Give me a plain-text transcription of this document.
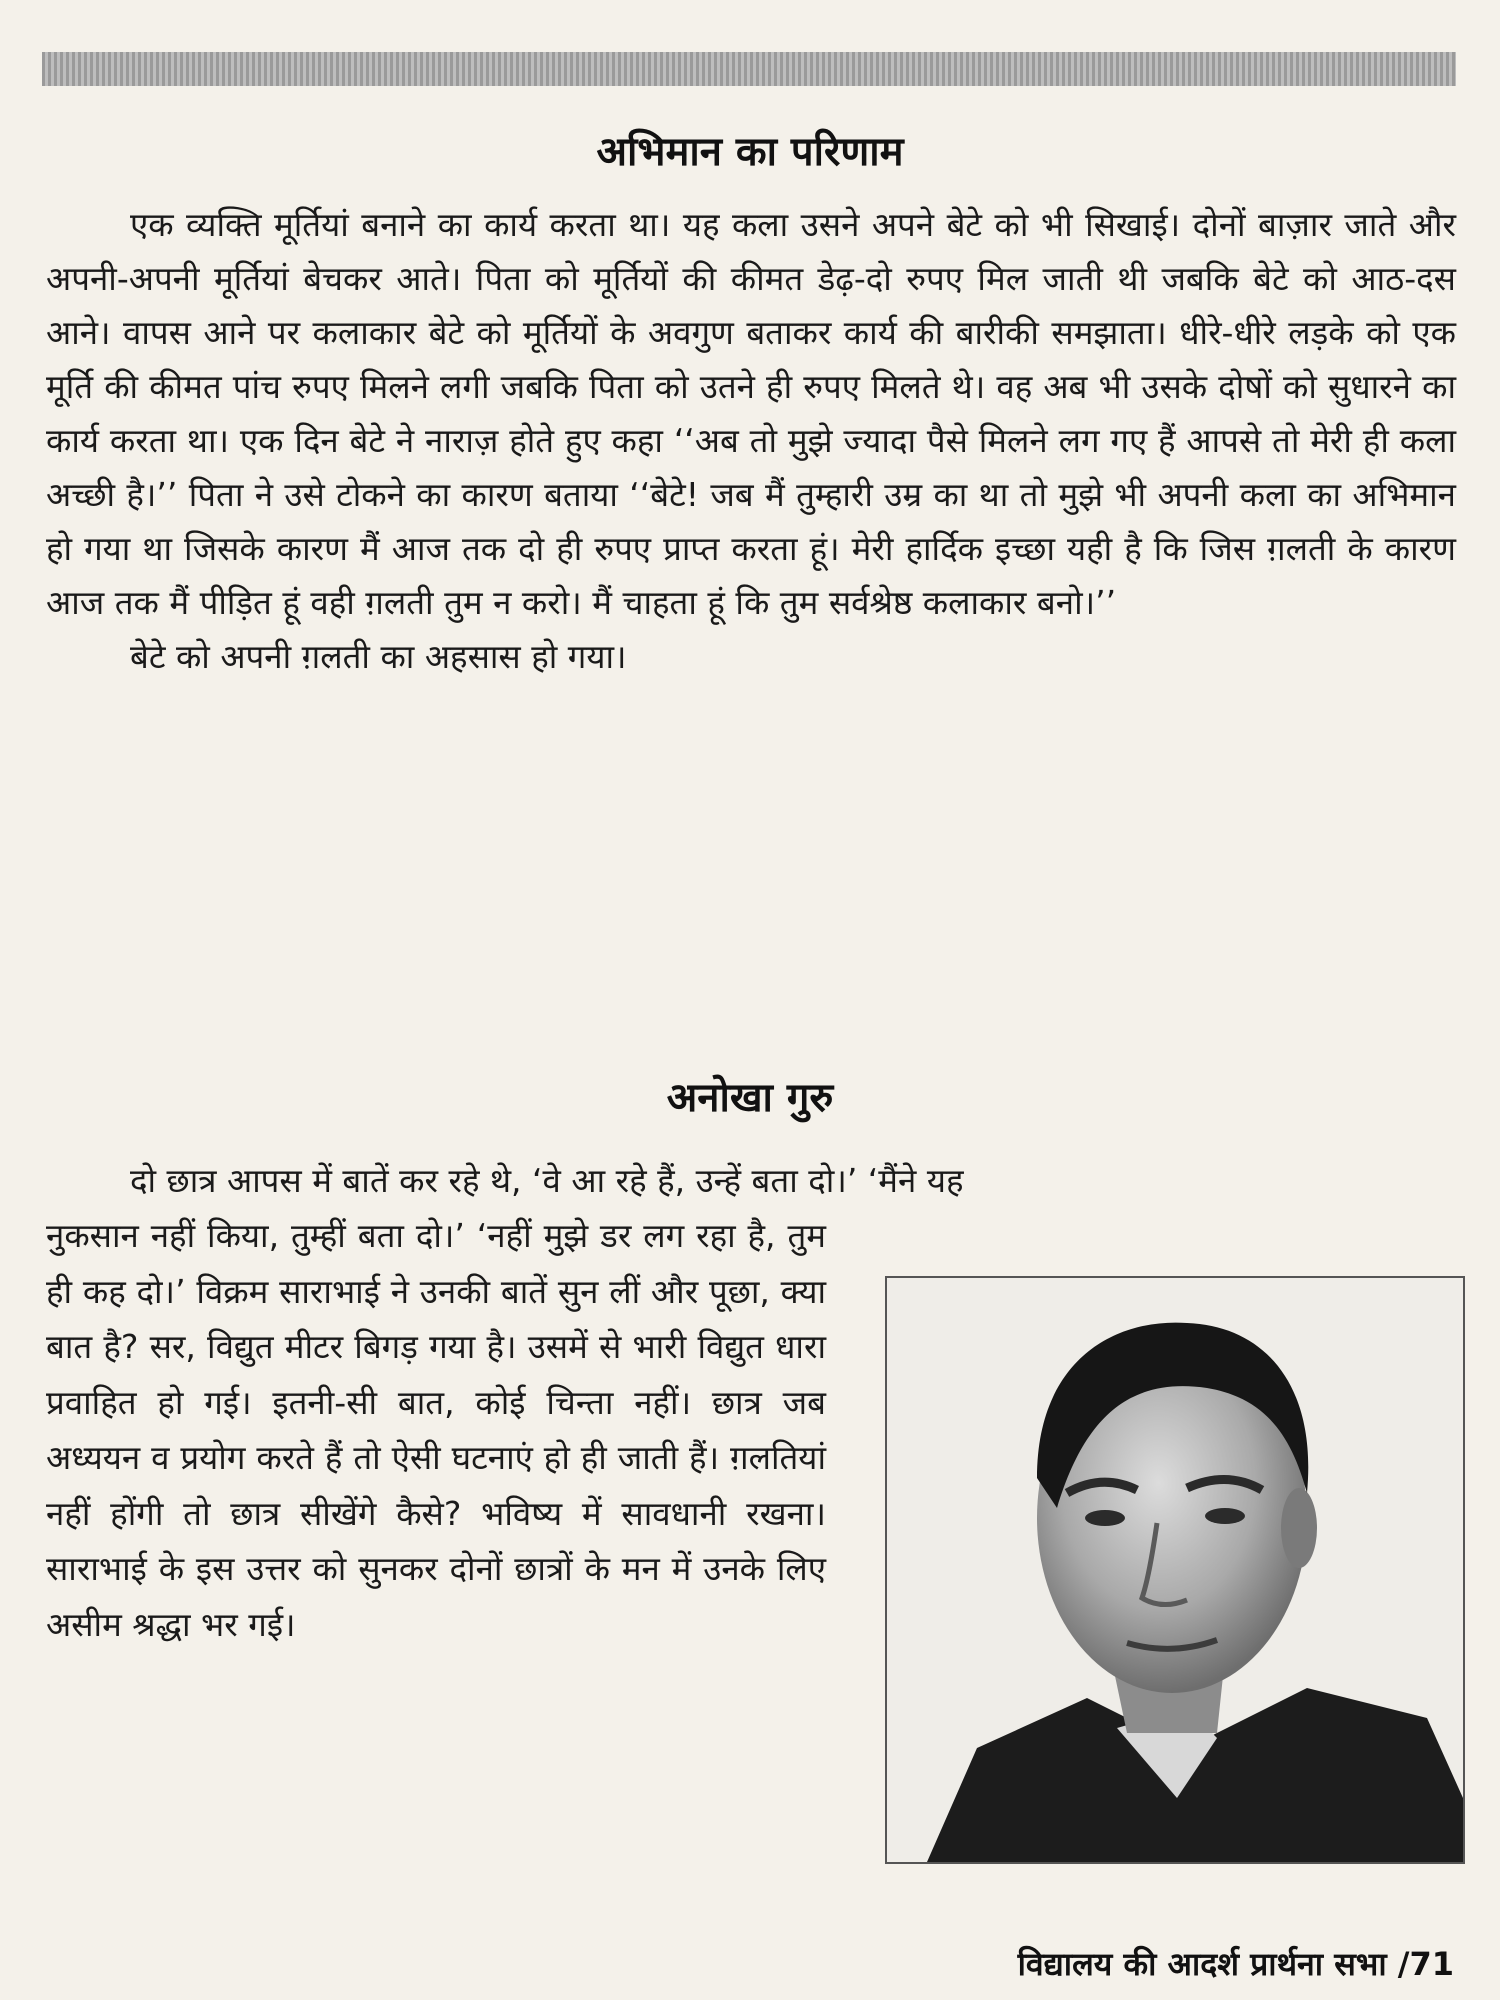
अभिमान का परिणाम

एक व्यक्ति मूर्तियां बनाने का कार्य करता था। यह कला उसने अपने बेटे को भी सिखाई। दोनों बाज़ार जाते और अपनी-अपनी मूर्तियां बेचकर आते। पिता को मूर्तियों की कीमत डेढ़-दो रुपए मिल जाती थी जबकि बेटे को आठ-दस आने। वापस आने पर कलाकार बेटे को मूर्तियों के अवगुण बताकर कार्य की बारीकी समझाता। धीरे-धीरे लड़के को एक मूर्ति की कीमत पांच रुपए मिलने लगी जबकि पिता को उतने ही रुपए मिलते थे। वह अब भी उसके दोषों को सुधारने का कार्य करता था। एक दिन बेटे ने नाराज़ होते हुए कहा ‘‘अब तो मुझे ज्यादा पैसे मिलने लग गए हैं आपसे तो मेरी ही कला अच्छी है।’’ पिता ने उसे टोकने का कारण बताया ‘‘बेटे! जब मैं तुम्हारी उम्र का था तो मुझे भी अपनी कला का अभिमान हो गया था जिसके कारण मैं आज तक दो ही रुपए प्राप्त करता हूं। मेरी हार्दिक इच्छा यही है कि जिस ग़लती के कारण आज तक मैं पीड़ित हूं वही ग़लती तुम न करो। मैं चाहता हूं कि तुम सर्वश्रेष्ठ कलाकार बनो।’’

बेटे को अपनी ग़लती का अहसास हो गया।

अनोखा गुरु
दो छात्र आपस में बातें कर रहे थे, ‘वे आ रहे हैं, उन्हें बता दो।’ ‘मैंने यह
नुकसान नहीं किया, तुम्हीं बता दो।’ ‘नहीं मुझे डर लग रहा है, तुम ही कह दो।’ विक्रम साराभाई ने उनकी बातें सुन लीं और पूछा, क्या बात है? सर, विद्युत मीटर बिगड़ गया है। उसमें से भारी विद्युत धारा प्रवाहित हो गई। इतनी-सी बात, कोई चिन्ता नहीं। छात्र जब अध्ययन व प्रयोग करते हैं तो ऐसी घटनाएं हो ही जाती हैं। ग़लतियां नहीं होंगी तो छात्र सीखेंगे कैसे? भविष्य में सावधानी रखना। साराभाई के इस उत्तर को सुनकर दोनों छात्रों के मन में उनके लिए असीम श्रद्धा भर गई।
विद्यालय की आदर्श प्रार्थना सभा /71
